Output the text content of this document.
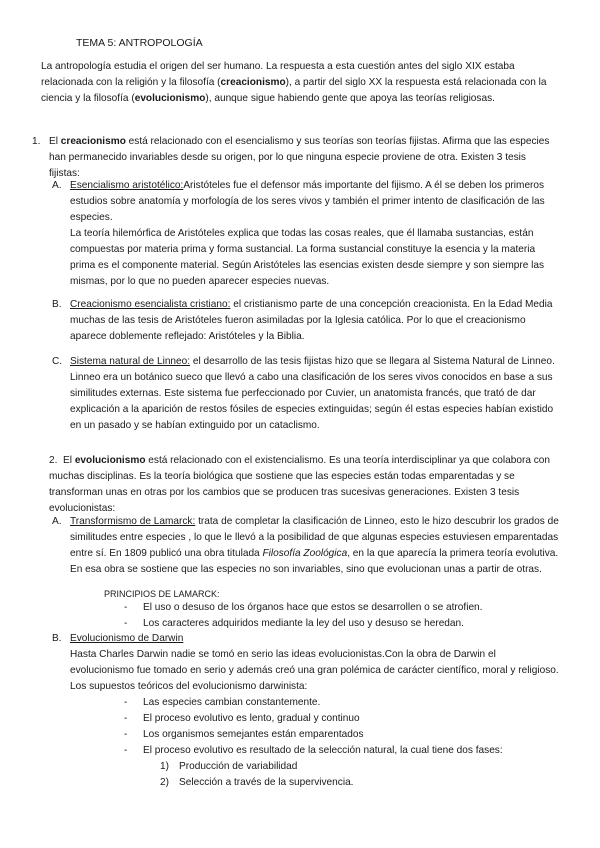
TEMA 5: ANTROPOLOGÍA
La antropología estudia el origen del ser humano. La respuesta a esta cuestión antes del siglo XIX estaba relacionada con la religión y la filosofía (creacionismo), a partir del siglo XX la respuesta está relacionada con la ciencia y la filosofía (evolucionismo), aunque sigue habiendo gente que apoya las teorías religiosas.
1. El creacionismo está relacionado con el esencialismo y sus teorías son teorías fijistas. Afirma que las especies han permanecido invariables desde su origen, por lo que ninguna especie proviene de otra. Existen 3 tesis fijistas:
A. Esencialismo aristotélico:Aristóteles fue el defensor más importante del fijismo. A él se deben los primeros estudios sobre anatomía y morfología de los seres vivos y también el primer intento de clasificación de las especies.
La teoría hilemórfica de Aristóteles explica que todas las cosas reales, que él llamaba sustancias, están compuestas por materia prima y forma sustancial. La forma sustancial constituye la esencia y la materia prima es el componente material. Según Aristóteles las esencias existen desde siempre y son siempre las mismas, por lo que no pueden aparecer especies nuevas.
B. Creacionismo esencialista cristiano: el cristianismo parte de una concepción creacionista. En la Edad Media muchas de las tesis de Aristóteles fueron asimiladas por la Iglesia católica. Por lo que el creacionismo aparece doblemente reflejado: Aristóteles y la Biblia.
C. Sistema natural de Linneo: el desarrollo de las tesis fijistas hizo que se llegara al Sistema Natural de Linneo. Linneo era un botánico sueco que llevó a cabo una clasificación de los seres vivos conocidos en base a sus similitudes externas. Este sistema fue perfeccionado por Cuvier, un anatomista francés, que trató de dar explicación a la aparición de restos fósiles de especies extinguidas; según él estas especies habían existido en un pasado y se habían extinguido por un cataclismo.
2. El evolucionismo está relacionado con el existencialismo. Es una teoría interdisciplinar ya que colabora con muchas disciplinas. Es la teoría biológica que sostiene que las especies están todas emparentadas y se transforman unas en otras por los cambios que se producen tras sucesivas generaciones. Existen 3 tesis evolucionistas:
A. Transformismo de Lamarck: trata de completar la clasificación de Linneo, esto le hizo descubrir los grados de similitudes entre especies , lo que le llevó a la posibilidad de que algunas especies estuviesen emparentadas entre sí. En 1809 publicó una obra titulada Filosofía Zoológica, en la que aparecía la primera teoría evolutiva. En esa obra se sostiene que las especies no son invariables, sino que evolucionan unas a partir de otras.
PRINCIPIOS DE LAMARCK:
- El uso o desuso de los órganos hace que estos se desarrollen o se atrofien.
- Los caracteres adquiridos mediante la ley del uso y desuso se heredan.
B. Evolucionismo de Darwin
Hasta Charles Darwin nadie se tomó en serio las ideas evolucionistas.Con la obra de Darwin el evolucionismo fue tomado en serio y además creó una gran polémica de carácter científico, moral y religioso. Los supuestos teóricos del evolucionismo darwinista:
- Las especies cambian constantemente.
- El proceso evolutivo es lento, gradual y continuo
- Los organismos semejantes están emparentados
- El proceso evolutivo es resultado de la selección natural, la cual tiene dos fases:
1) Producción de variabilidad
2) Selección a través de la supervivencia.
